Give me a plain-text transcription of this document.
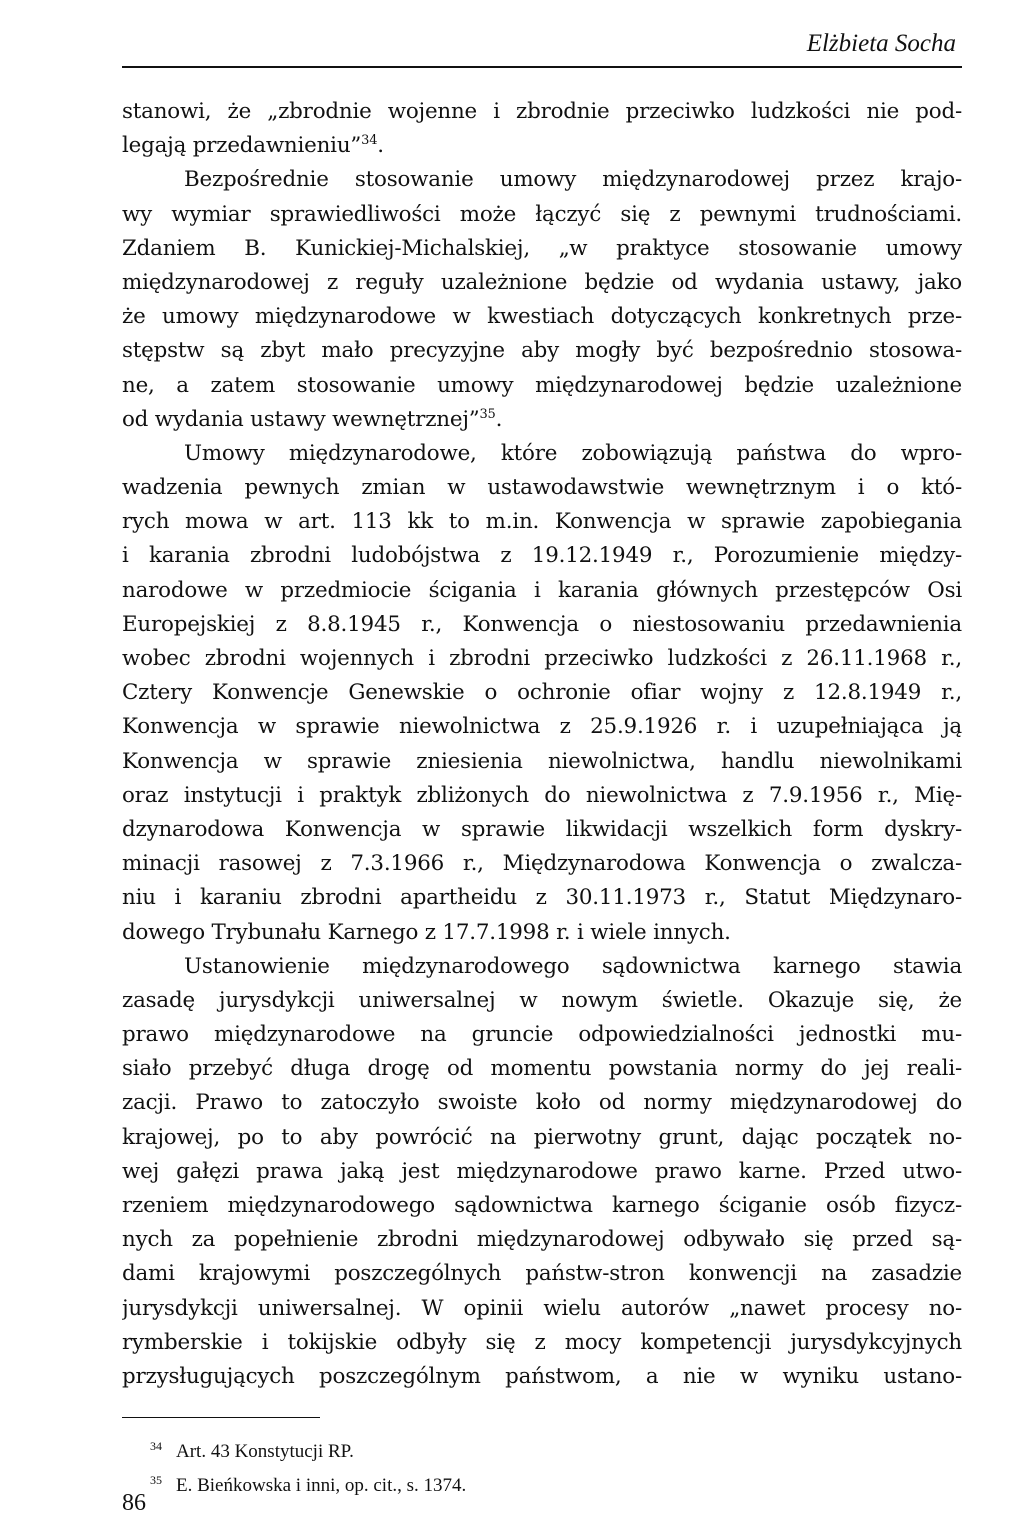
Elżbieta Socha
stanowi, że „zbrodnie wojenne i zbrodnie przeciwko ludzkości nie pod-
legają przedawnieniu”$^{34}$.
Bezpośrednie stosowanie umowy międzynarodowej przez krajo-
wy wymiar sprawiedliwości może łączyć się z pewnymi trudnościami.
Zdaniem B. Kunickiej-Michalskiej, „w praktyce stosowanie umowy
międzynarodowej z reguły uzależnione będzie od wydania ustawy, jako
że umowy międzynarodowe w kwestiach dotyczących konkretnych prze-
stępstw są zbyt mało precyzyjne aby mogły być bezpośrednio stosowa-
ne, a zatem stosowanie umowy międzynarodowej będzie uzależnione
od wydania ustawy wewnętrznej”$^{35}$.
Umowy międzynarodowe, które zobowiązują państwa do wpro-
wadzenia pewnych zmian w ustawodawstwie wewnętrznym i o któ-
rych mowa w art. 113 kk to m.in. Konwencja w sprawie zapobiegania
i karania zbrodni ludobójstwa z 19.12.1949 r., Porozumienie między-
narodowe w przedmiocie ścigania i karania głównych przestępców Osi
Europejskiej z 8.8.1945 r., Konwencja o niestosowaniu przedawnienia
wobec zbrodni wojennych i zbrodni przeciwko ludzkości z 26.11.1968 r.,
Cztery Konwencje Genewskie o ochronie ofiar wojny z 12.8.1949 r.,
Konwencja w sprawie niewolnictwa z 25.9.1926 r. i uzupełniająca ją
Konwencja w sprawie zniesienia niewolnictwa, handlu niewolnikami
oraz instytucji i praktyk zbliżonych do niewolnictwa z 7.9.1956 r., Mię-
dzynarodowa Konwencja w sprawie likwidacji wszelkich form dyskry-
minacji rasowej z 7.3.1966 r., Międzynarodowa Konwencja o zwalcza-
niu i karaniu zbrodni apartheidu z 30.11.1973 r., Statut Międzynaro-
dowego Trybunału Karnego z 17.7.1998 r. i wiele innych.
Ustanowienie międzynarodowego sądownictwa karnego stawia
zasadę jurysdykcji uniwersalnej w nowym świetle. Okazuje się, że
prawo międzynarodowe na gruncie odpowiedzialności jednostki mu-
siało przebyć długa drogę od momentu powstania normy do jej reali-
zacji. Prawo to zatoczyło swoiste koło od normy międzynarodowej do
krajowej, po to aby powrócić na pierwotny grunt, dając początek no-
wej gałęzi prawa jaką jest międzynarodowe prawo karne. Przed utwo-
rzeniem międzynarodowego sądownictwa karnego ściganie osób fizycz-
nych za popełnienie zbrodni międzynarodowej odbywało się przed są-
dami krajowymi poszczególnych państw-stron konwencji na zasadzie
jurysdykcji uniwersalnej. W opinii wielu autorów „nawet procesy no-
rymberskie i tokijskie odbyły się z mocy kompetencji jurysdykcyjnych
przysługujących poszczególnym państwom, a nie w wyniku ustano-
34 Art. 43 Konstytucji RP.
35 E. Bieńkowska i inni, op. cit., s. 1374.
86
